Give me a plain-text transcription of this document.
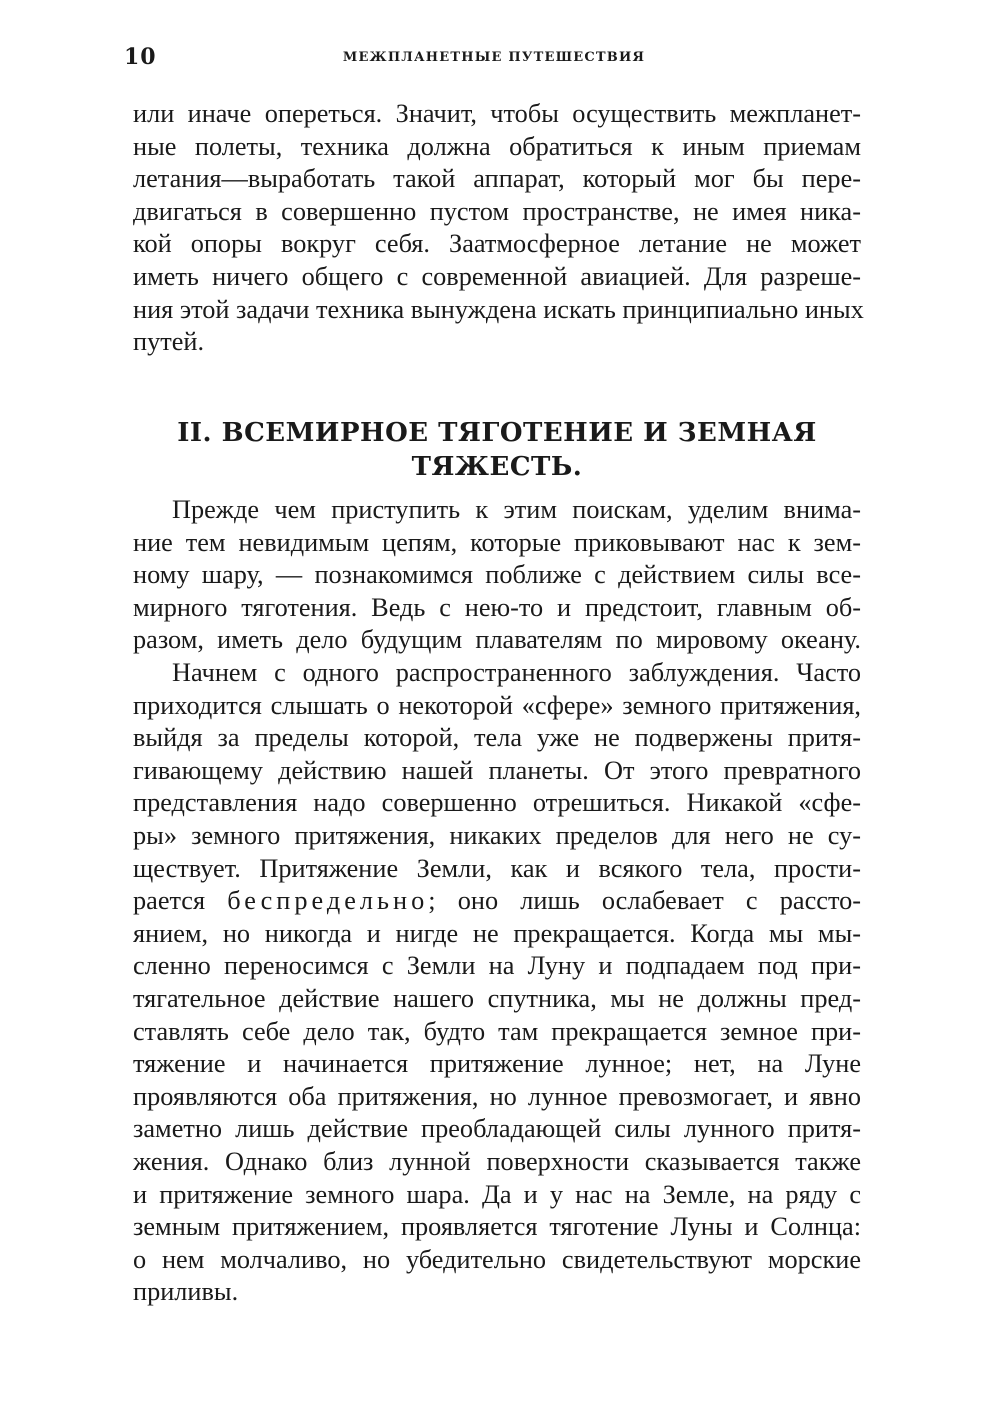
10	МЕЖПЛАНЕТНЫЕ ПУТЕШЕСТВИЯ
или иначе опереться. Значит, чтобы осуществить межпланет-
ные полеты, техника должна обратиться к иным приемам
летания—выработать такой аппарат, который мог бы пере-
двигаться в совершенно пустом пространстве, не имея ника-
кой опоры вокруг себя. Заатмосферное летание не может
иметь ничего общего с современной авиацией. Для разреше-
ния этой задачи техника вынуждена искать принципиально иных
путей.
II. ВСЕМИРНОЕ ТЯГОТЕНИЕ И ЗЕМНАЯ
ТЯЖЕСТЬ.
Прежде чем приступить к этим поискам, уделим внима-
ние тем невидимым цепям, которые приковывают нас к зем-
ному шару, — познакомимся поближе с действием силы все-
мирного тяготения. Ведь с нею-то и предстоит, главным об-
разом, иметь дело будущим плавателям по мировому океану.
Начнем с одного распространенного заблуждения. Часто
приходится слышать о некоторой «сфере» земного притяжения,
выйдя за пределы которой, тела уже не подвержены притя-
гивающему действию нашей планеты. От этого превратного
представления надо совершенно отрешиться. Никакой «сфе-
ры» земного притяжения, никаких пределов для него не су-
ществует. Притяжение Земли, как и всякого тела, прости-
рается беспредельно; оно лишь ослабевает с рассто-
янием, но никогда и нигде не прекращается. Когда мы мы-
сленно переносимся с Земли на Луну и подпадаем под при-
тягательное действие нашего спутника, мы не должны пред-
ставлять себе дело так, будто там прекращается земное при-
тяжение и начинается притяжение лунное; нет, на Луне
проявляются оба притяжения, но лунное превозмогает, и явно
заметно лишь действие преобладающей силы лунного притя-
жения. Однако близ лунной поверхности сказывается также
и притяжение земного шара. Да и у нас на Земле, на ряду с
земным притяжением, проявляется тяготение Луны и Солнца:
о нем молчаливо, но убедительно свидетельствуют морские
приливы.
